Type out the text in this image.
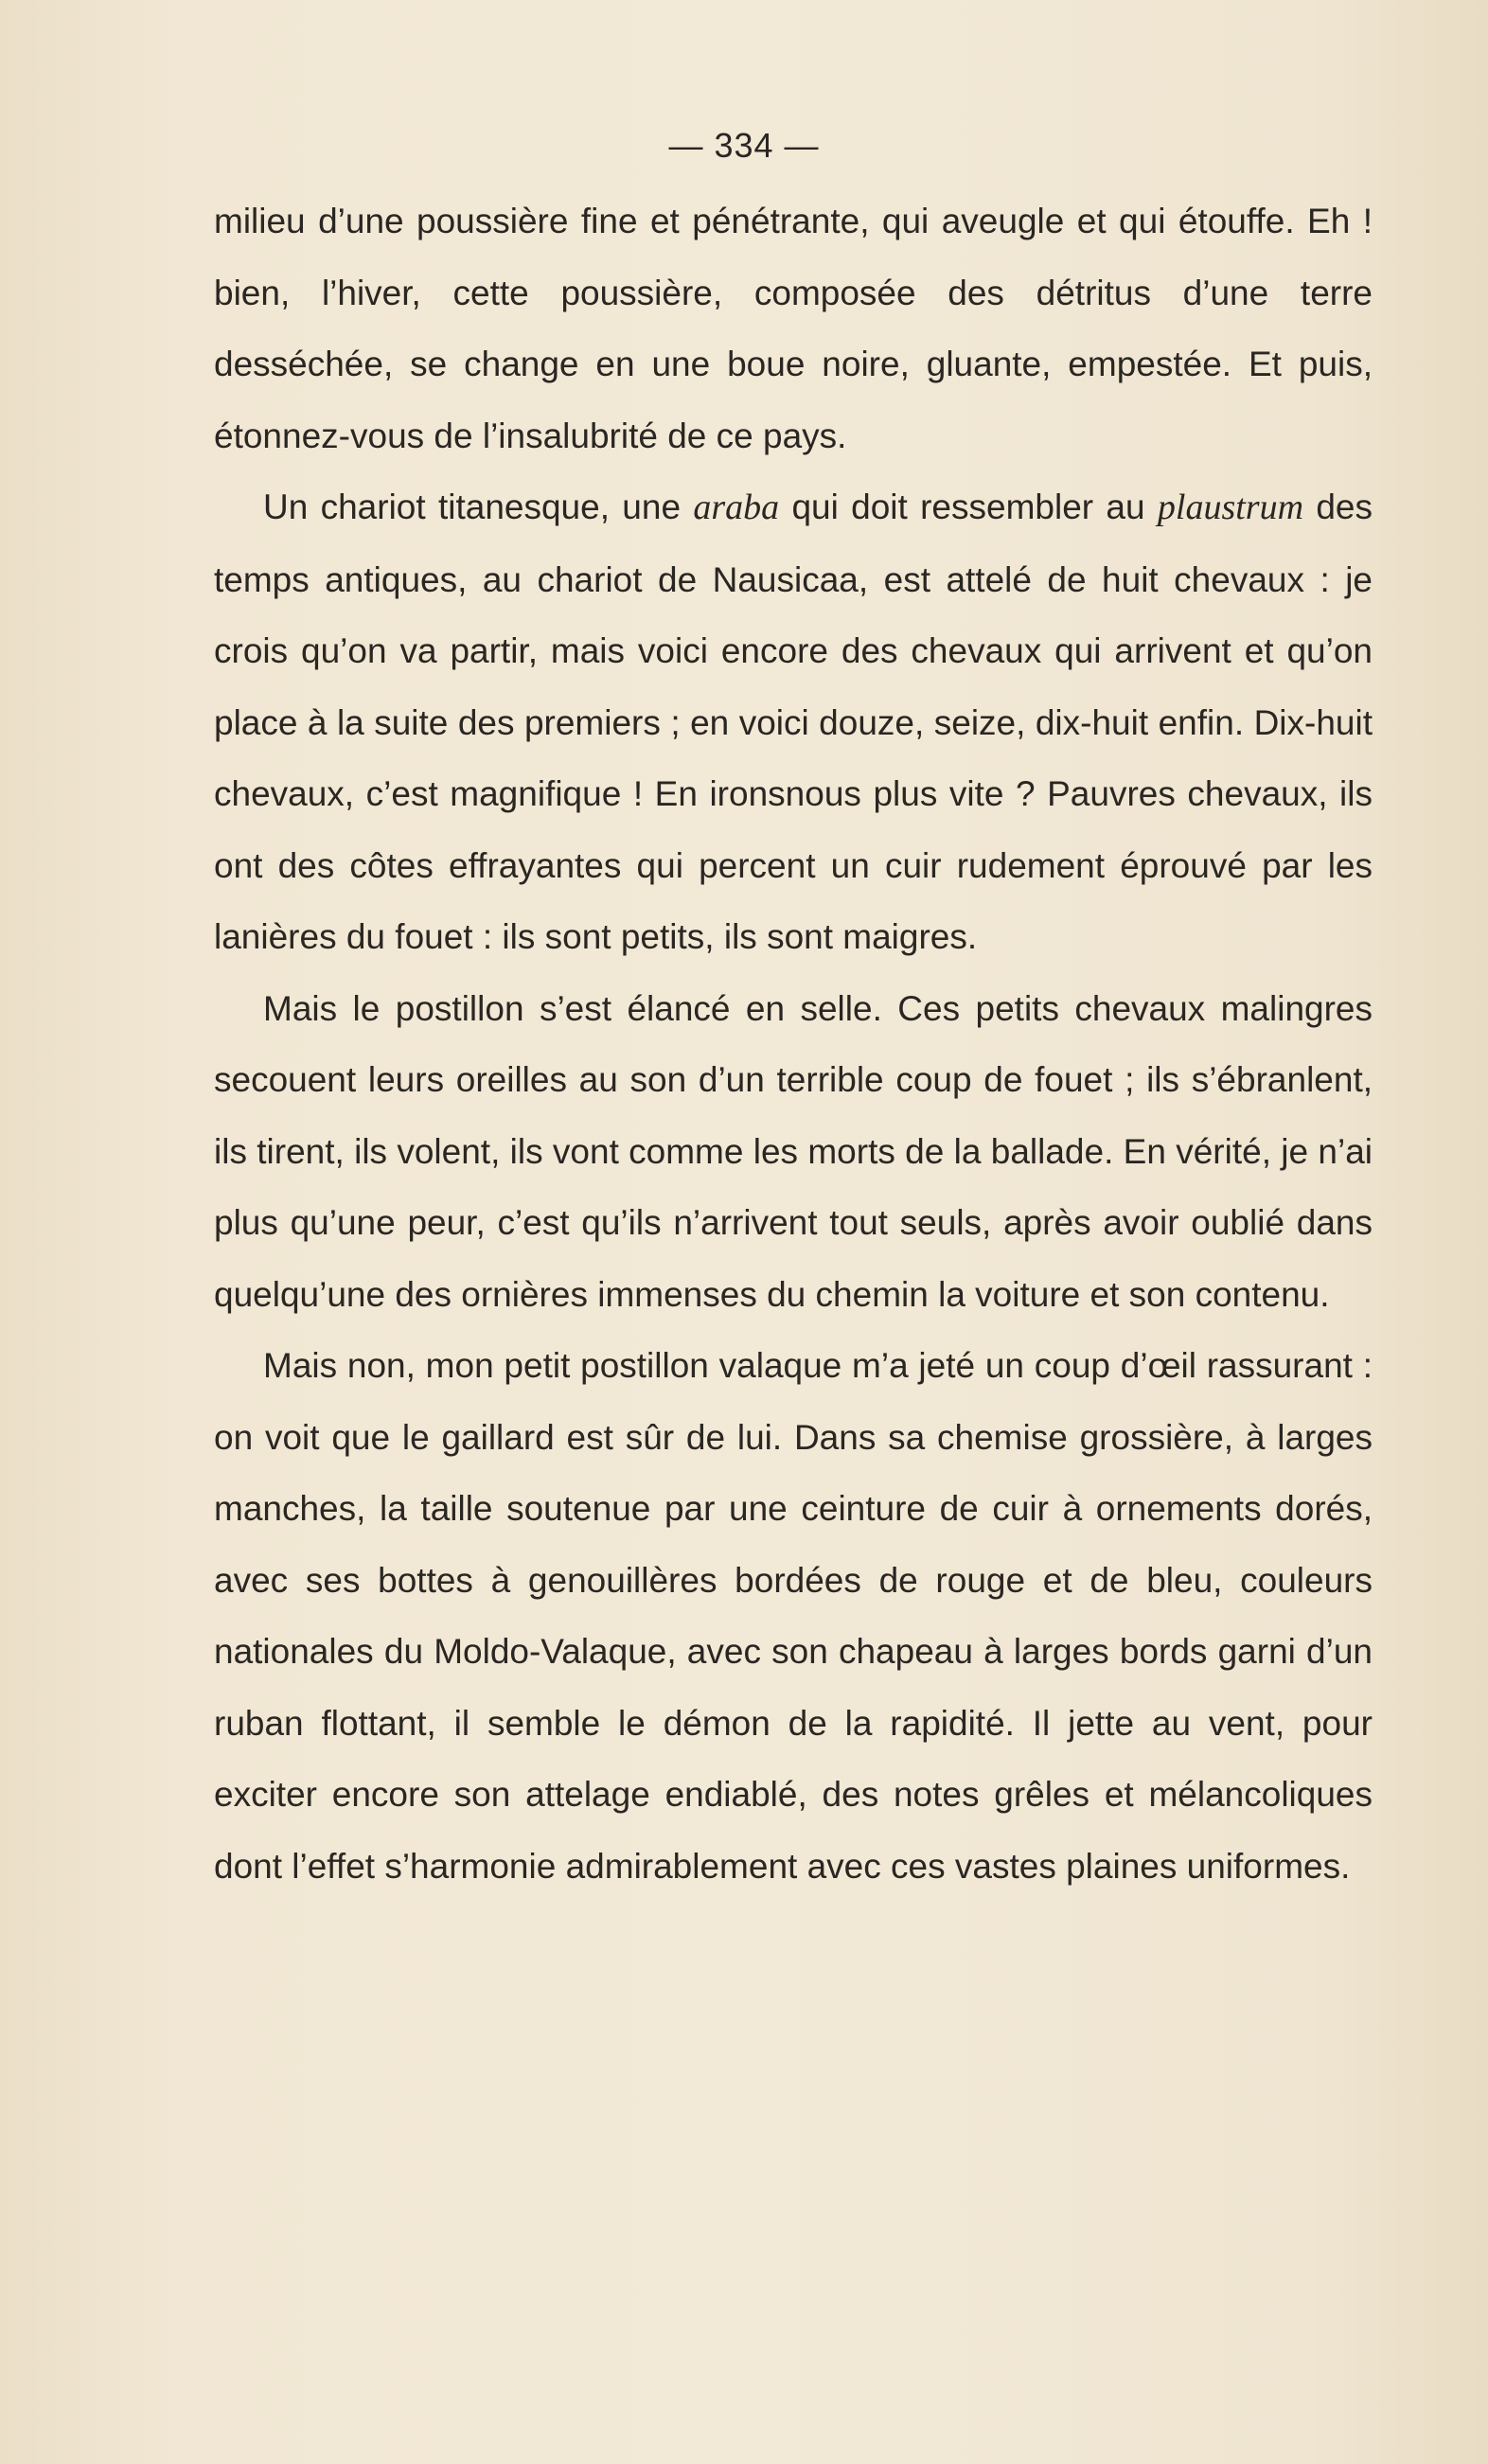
— 334 —

milieu d’une poussière fine et pénétrante, qui aveugle et qui étouffe. Eh ! bien, l’hiver, cette poussière, composée des détritus d’une terre desséchée, se change en une boue noire, gluante, empestée. Et puis, étonnez-vous de l’insalubrité de ce pays.

Un chariot titanesque, une araba qui doit ressembler au plaustrum des temps antiques, au chariot de Nausicaa, est attelé de huit chevaux : je crois qu’on va partir, mais voici encore des chevaux qui arrivent et qu’on place à la suite des premiers ; en voici douze, seize, dix-huit enfin. Dix-huit chevaux, c’est magnifique ! En ironsnous plus vite ? Pauvres chevaux, ils ont des côtes effrayantes qui percent un cuir rudement éprouvé par les lanières du fouet : ils sont petits, ils sont maigres.

Mais le postillon s’est élancé en selle. Ces petits chevaux malingres secouent leurs oreilles au son d’un terrible coup de fouet ; ils s’ébranlent, ils tirent, ils volent, ils vont comme les morts de la ballade. En vérité, je n’ai plus qu’une peur, c’est qu’ils n’arrivent tout seuls, après avoir oublié dans quelqu’une des ornières immenses du chemin la voiture et son contenu.

Mais non, mon petit postillon valaque m’a jeté un coup d’œil rassurant : on voit que le gaillard est sûr de lui. Dans sa chemise grossière, à larges manches, la taille soutenue par une ceinture de cuir à ornements dorés, avec ses bottes à genouillères bordées de rouge et de bleu, couleurs nationales du Moldo-Valaque, avec son chapeau à larges bords garni d’un ruban flottant, il semble le démon de la rapidité. Il jette au vent, pour exciter encore son attelage endiablé, des notes grêles et mélancoliques dont l’effet s’harmonie admirablement avec ces vastes plaines uniformes.
